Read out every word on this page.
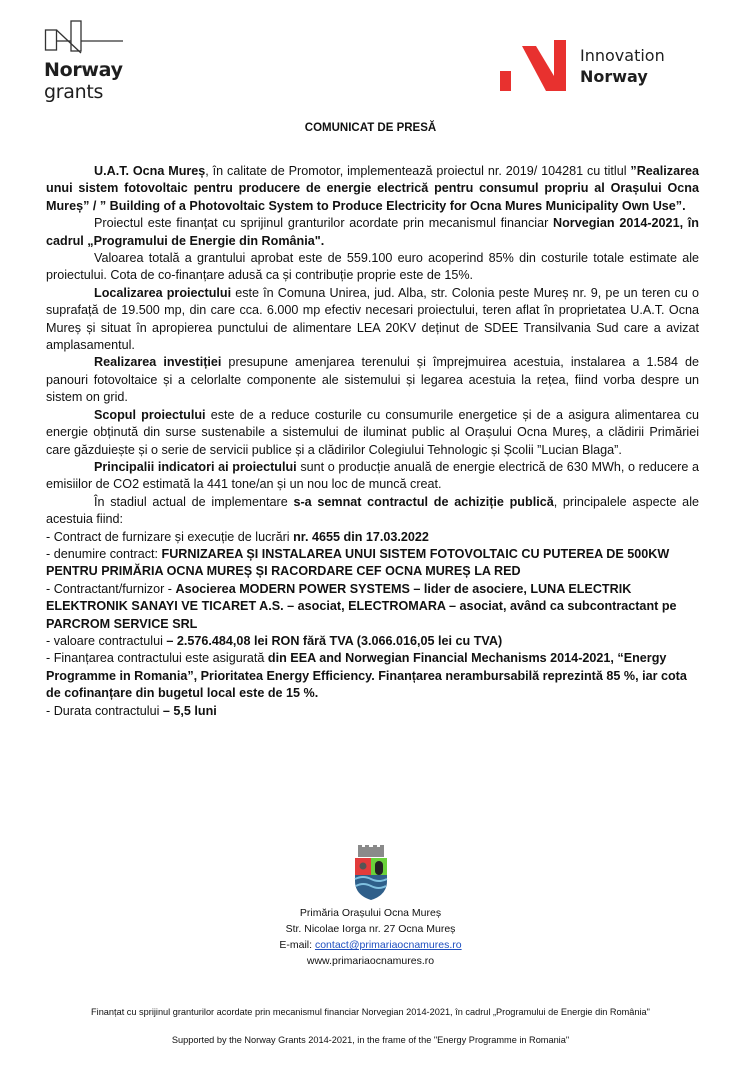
Norway
grants
Innovation
Norway
COMUNICAT DE PRESĂ

U.A.T. Ocna Mureș, în calitate de Promotor, implementează proiectul nr. 2019/ 104281 cu titlul ”Realizarea unui sistem fotovoltaic pentru producere de energie electrică pentru consumul propriu al Orașului Ocna Mureș” / ” Building of a Photovoltaic System to Produce Electricity for Ocna Mures Municipality Own Use”.

Proiectul este finanțat cu sprijinul granturilor acordate prin mecanismul financiar Norvegian 2014-2021, în cadrul „Programului de Energie din România".

Valoarea totală a grantului aprobat este de 559.100 euro acoperind 85% din costurile totale estimate ale proiectului. Cota de co-finanțare adusă ca și contribuție proprie este de 15%.

Localizarea proiectului este în Comuna Unirea, jud. Alba, str. Colonia peste Mureș nr. 9, pe un teren cu o suprafață de 19.500 mp, din care cca. 6.000 mp efectiv necesari proiectului, teren aflat în proprietatea U.A.T. Ocna Mureș și situat în apropierea punctului de alimentare LEA 20KV deținut de SDEE Transilvania Sud care a avizat amplasamentul.

Realizarea investiției presupune amenjarea terenului și împrejmuirea acestuia, instalarea a 1.584 de panouri fotovoltaice și a celorlalte componente ale sistemului și legarea acestuia la rețea, fiind vorba despre un sistem on grid.

Scopul proiectului este de a reduce costurile cu consumurile energetice și de a asigura alimentarea cu energie obținută din surse sustenabile a sistemului de iluminat public al Orașului Ocna Mureș, a clădirii Primăriei care găzduiește și o serie de servicii publice și a clădirilor Colegiului Tehnologic și Școlii ”Lucian Blaga”.

Principalii indicatori ai proiectului sunt o producție anuală de energie electrică de 630 MWh, o reducere a emisiilor de CO2 estimată la 441 tone/an și un nou loc de muncă creat.

În stadiul actual de implementare s-a semnat contractul de achiziție publică, principalele aspecte ale acestuia fiind:

- Contract de furnizare și execuție de lucrări nr. 4655 din 17.03.2022

- denumire contract: FURNIZAREA ȘI INSTALAREA UNUI SISTEM FOTOVOLTAIC CU PUTEREA DE 500KW PENTRU PRIMĂRIA OCNA MUREȘ ȘI RACORDARE CEF OCNA MUREȘ LA RED

- Contractant/furnizor - Asocierea MODERN POWER SYSTEMS – lider de asociere, LUNA ELECTRIK ELEKTRONIK SANAYI VE TICARET A.S. – asociat, ELECTROMARA – asociat, având ca subcontractant pe PARCROM SERVICE SRL

- valoare contractului – 2.576.484,08 lei RON fără TVA (3.066.016,05 lei cu TVA)

- Finanțarea contractului este asigurată din EEA and Norwegian Financial Mechanisms 2014-2021, “Energy Programme in Romania”, Prioritatea Energy Efficiency. Finanțarea nerambursabilă reprezintă 85 %, iar cota de cofinanțare din bugetul local este de 15 %.

- Durata contractului – 5,5 luni

Primăria Orașului Ocna Mureș
Str. Nicolae Iorga nr. 27 Ocna Mureș
E-mail: contact@primariaocnamures.ro
www.primariaocnamures.ro
Finanțat cu sprijinul granturilor acordate prin mecanismul financiar Norvegian 2014-2021, în cadrul „Programului de Energie din România"
Supported by the Norway Grants 2014-2021, in the frame of the "Energy Programme in Romania"
